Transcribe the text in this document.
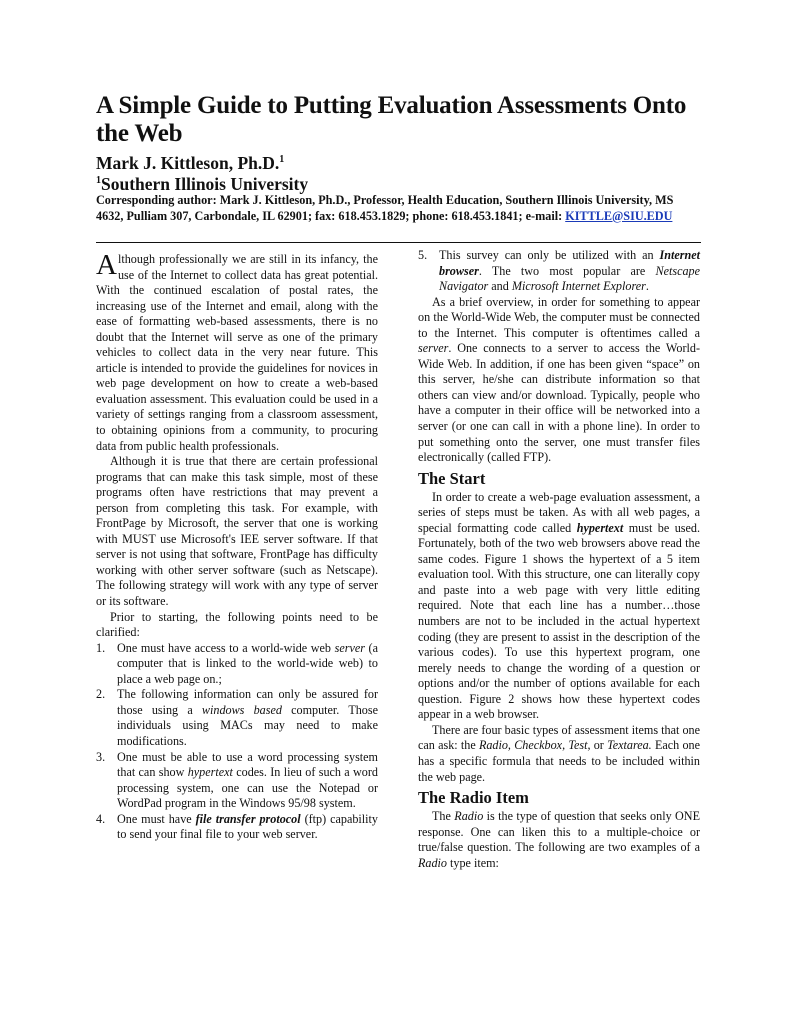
A Simple Guide to Putting Evaluation Assessments Onto the Web
Mark J. Kittleson, Ph.D.$^1$
$^1$Southern Illinois University
Corresponding author: Mark J. Kittleson, Ph.D., Professor, Health Education, Southern Illinois University, MS 4632, Pulliam 307, Carbondale, IL 62901; fax: 618.453.1829; phone: 618.453.1841; e-mail: KITTLE@SIU.EDU

Although professionally we are still in its infancy, the use of the Internet to collect data has great potential. With the continued escalation of postal rates, the increasing use of the Internet and email, along with the ease of formatting web-based assessments, there is no doubt that the Internet will serve as one of the primary vehicles to collect data in the very near future. This article is intended to provide the guidelines for novices in web page development on how to create a web-based evaluation assessment. This evaluation could be used in a variety of settings ranging from a classroom assessment, to obtaining opinions from a community, to procuring data from public health professionals.

Although it is true that there are certain professional programs that can make this task simple, most of these programs often have restrictions that may prevent a person from completing this task. For example, with FrontPage by Microsoft, the server that one is working with MUST use Microsoft's IEE server software. If that server is not using that software, FrontPage has difficulty working with other server software (such as Netscape). The following strategy will work with any type of server or its software.

Prior to starting, the following points need to be clarified:

1. One must have access to a world-wide web server (a computer that is linked to the world-wide web) to place a web page on.;
2. The following information can only be assured for those using a windows based computer. Those individuals using MACs may need to make modifications.
3. One must be able to use a word processing system that can show hypertext codes. In lieu of such a word processing system, one can use the Notepad or WordPad program in the Windows 95/98 system.
4. One must have file transfer protocol (ftp) capability to send your final file to your web server.
5. This survey can only be utilized with an Internet browser. The two most popular are Netscape Navigator and Microsoft Internet Explorer.

As a brief overview, in order for something to appear on the World-Wide Web, the computer must be connected to the Internet. This computer is oftentimes called a server. One connects to a server to access the World-Wide Web. In addition, if one has been given “space” on this server, he/she can distribute information so that others can view and/or download. Typically, people who have a computer in their office will be networked into a server (or one can call in with a phone line). In order to put something onto the server, one must transfer files electronically (called FTP).

The Start

In order to create a web-page evaluation assessment, a series of steps must be taken. As with all web pages, a special formatting code called hypertext must be used. Fortunately, both of the two web browsers above read the same codes. Figure 1 shows the hypertext of a 5 item evaluation tool. With this structure, one can literally copy and paste into a web page with very little editing required. Note that each line has a number…those numbers are not to be included in the actual hypertext coding (they are present to assist in the description of the various codes). To use this hypertext program, one merely needs to change the wording of a question or options and/or the number of options available for each question. Figure 2 shows how these hypertext codes appear in a web browser.

There are four basic types of assessment items that one can ask: the Radio, Checkbox, Test, or Textarea. Each one has a specific formula that needs to be included within the web page.

The Radio Item

The Radio is the type of question that seeks only ONE response. One can liken this to a multiple-choice or true/false question. The following are two examples of a Radio type item:
